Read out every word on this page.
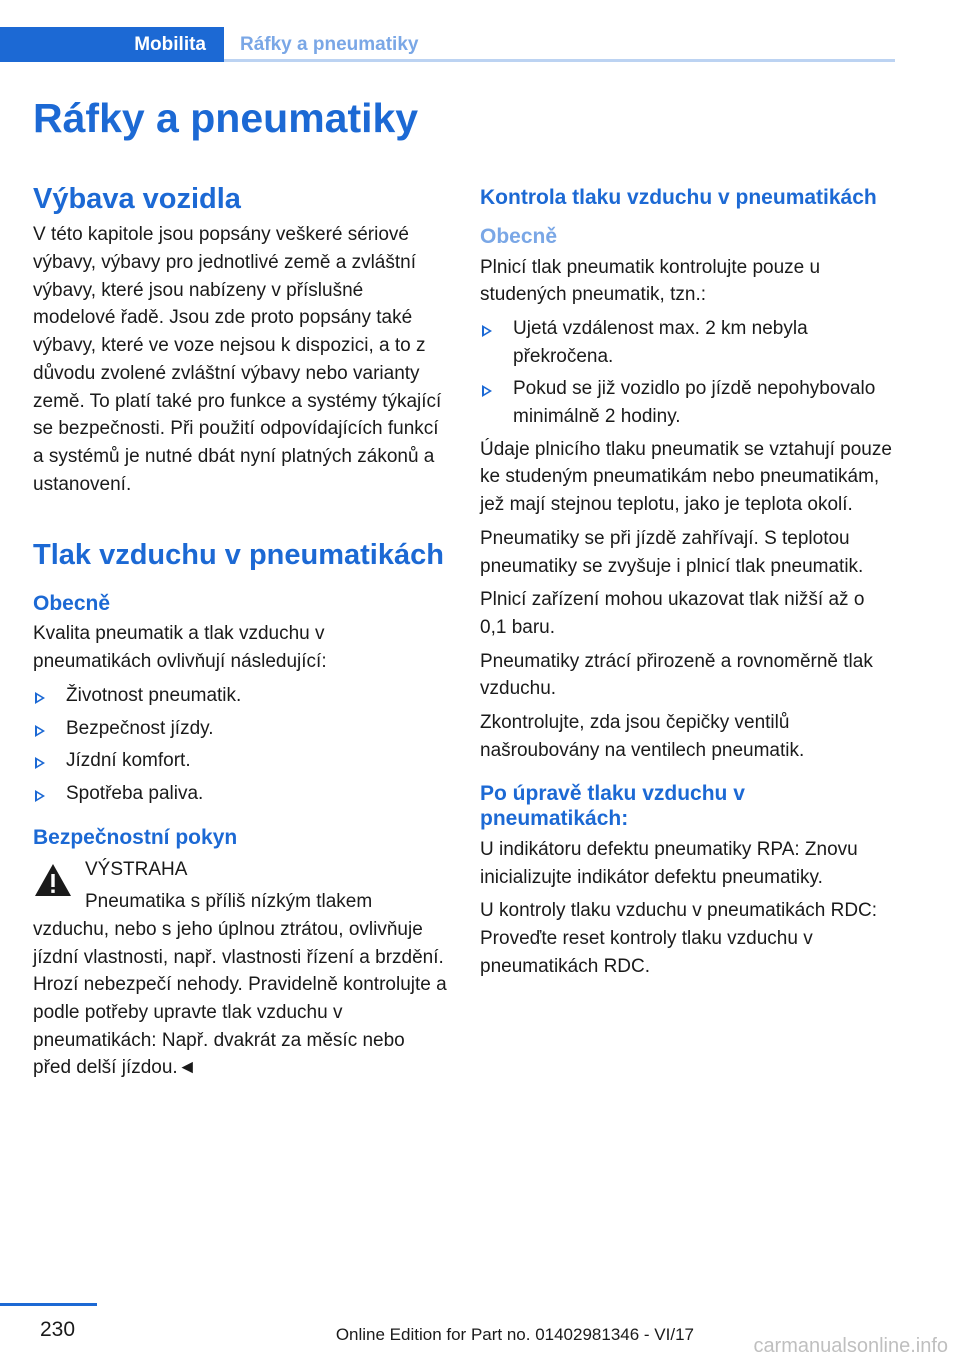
Mobilita	Ráfky a pneumatiky
Ráfky a pneumatiky
Výbava vozidla

V této kapitole jsou popsány veškeré sériové výbavy, výbavy pro jednotlivé země a zvláštní výbavy, které jsou nabízeny v příslušné modelové řadě. Jsou zde proto popsány také výbavy, které ve voze nejsou k dispozici, a to z důvodu zvolené zvláštní výbavy nebo varianty země. To platí také pro funkce a systémy týkající se bezpečnosti. Při použití odpovídajících funkcí a systémů je nutné dbát nyní platných zákonů a ustanovení.

Tlak vzduchu v pneumatikách
Obecně

Kvalita pneumatik a tlak vzduchu v pneumatikách ovlivňují následující:

Životnost pneumatik.
Bezpečnost jízdy.
Jízdní komfort.
Spotřeba paliva.
Bezpečnostní pokyn
VÝSTRAHA

Pneumatika s příliš nízkým tlakem vzduchu, nebo s jeho úplnou ztrátou, ovlivňuje jízdní vlastnosti, např. vlastnosti řízení a brzdění. Hrozí nebezpečí nehody. Pravidelně kontrolujte a podle potřeby upravte tlak vzduchu v pneumatikách: Např. dvakrát za měsíc nebo před delší jízdou.◄

Kontrola tlaku vzduchu v pneumatikách
Obecně

Plnicí tlak pneumatik kontrolujte pouze u studených pneumatik, tzn.:

Ujetá vzdálenost max. 2 km nebyla překročena.
Pokud se již vozidlo po jízdě nepohybovalo minimálně 2 hodiny.

Údaje plnicího tlaku pneumatik se vztahují pouze ke studeným pneumatikám nebo pneumatikám, jež mají stejnou teplotu, jako je teplota okolí.

Pneumatiky se při jízdě zahřívají. S teplotou pneumatiky se zvyšuje i plnicí tlak pneumatik.

Plnicí zařízení mohou ukazovat tlak nižší až o 0,1 baru.

Pneumatiky ztrácí přirozeně a rovnoměrně tlak vzduchu.

Zkontrolujte, zda jsou čepičky ventilů našroubovány na ventilech pneumatik.

Po úpravě tlaku vzduchu v pneumatikách:

U indikátoru defektu pneumatiky RPA: Znovu inicializujte indikátor defektu pneumatiky.

U kontroly tlaku vzduchu v pneumatikách RDC: Proveďte reset kontroly tlaku vzduchu v pneumatikách RDC.

230	Online Edition for Part no. 01402981346 - VI/17
carmanualsonline.info
